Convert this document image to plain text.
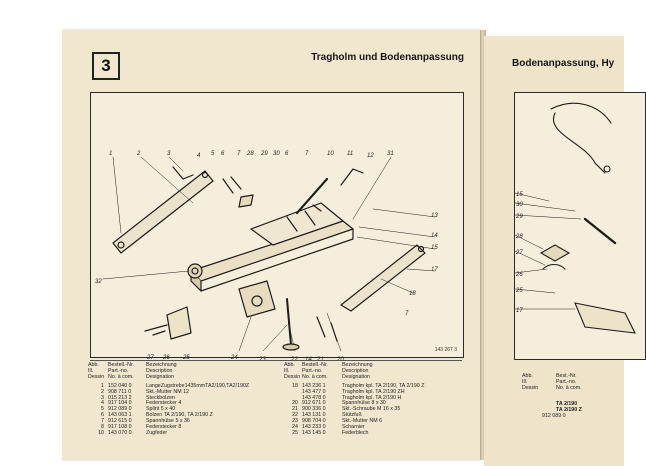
3	Tragholm und Bodenanpassung
1	2	3	4 5 6 7 28 29 30 6	7	10 11 12 31
13
14
15
17
18
7
32
27 26 25	24	23	22 14 21 20
143 267 3
Abb.
Ill.
Dessin
Bestell.-Nr.
Part.-no.
No. à com.
Bezeichnung
Description
Designation
1 152 040 0	LangeZugstrebe1435mmTA2/190,TA2/190Z
2 908 711 0	Skt.-Mutter NM 12
3 015 213 2	Steckbolzen
4 917 104 0	Federstecker 4
5 912 089 0	Splint 5 x 40
6 143 063 1	Bolzen TA 2/190, TA 2/190 Z
7 912 615 0	Spannhülse 5 x 36
8 917 108 0	Federstecker 8
10 143 070 0	Zugfeder
Abb.
Ill.
Dessin
Bestell.-Nr.
Part.-no.
No. à com.
Bezeichnung
Description
Designation
18 143 236 1	Tragholm kpl. TA 2/190, TA 2/190 Z
143 477 0	Tragholm kpl. TA 2/190 ZH
143 478 0	Tragholm kpl. TA 2/190 H
20 912 671 0	Spannhülse 8 x 30
21 900 336 0	Skt.-Schraube M 16 x 35
22 143 131 0	Stützfuß
23 908 704 0	Skt.-Mutter NM 6
24 143 233 0	Scharnier
25 143 145 0	Federblech
Bodenanpassung, Hy
15
30
29
28
27
26
25
17
Abb.	Best.-Nr.
Ill.	Part.-no.
Dessin	No. à com.
TA 2/190
TA 2/190 Z
912 089 0
